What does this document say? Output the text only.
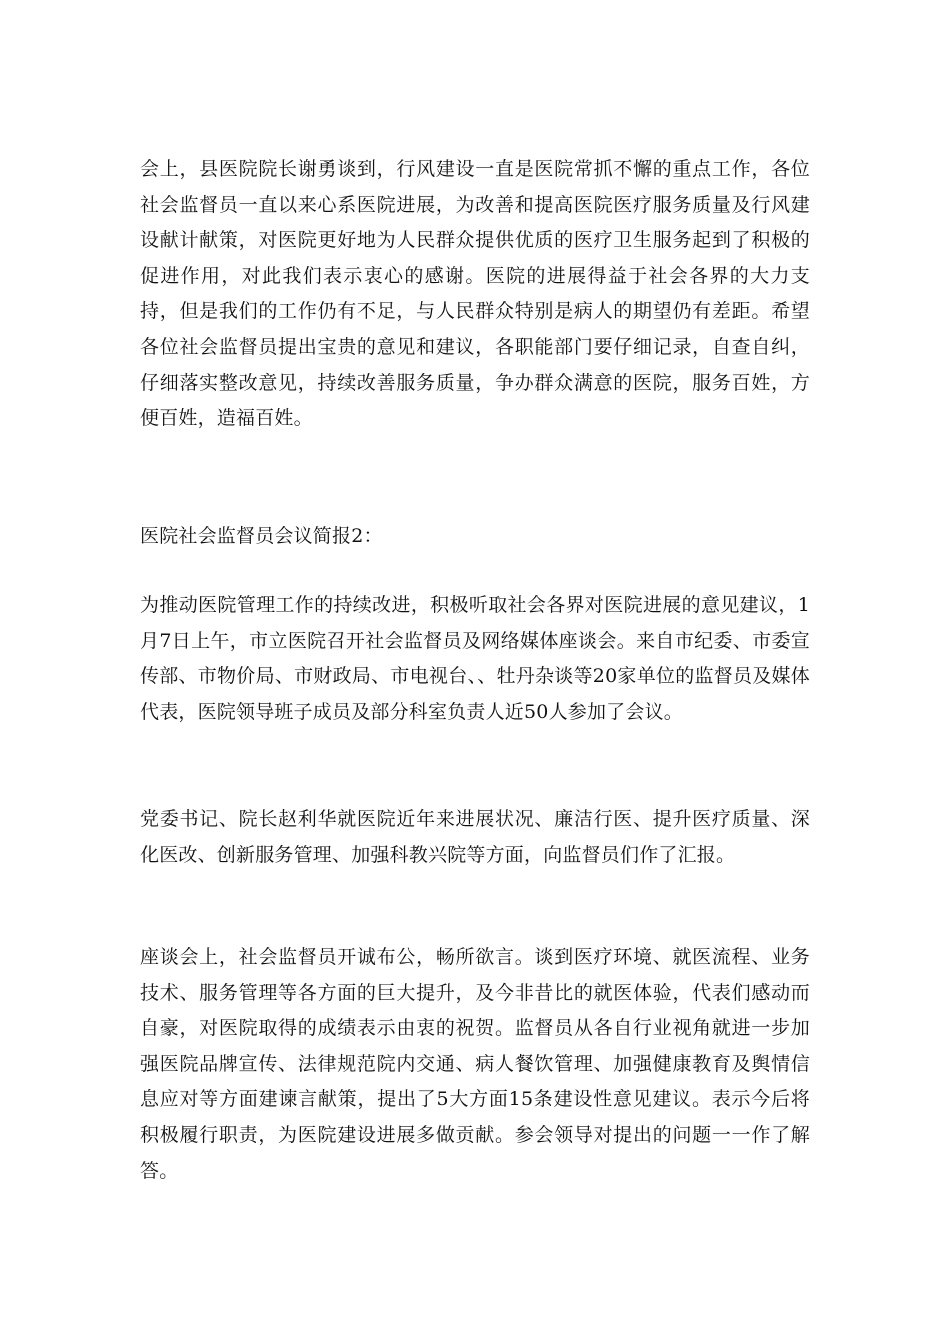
会上，县医院院长谢勇谈到，行风建设一直是医院常抓不懈的重点工作，各位社会监督员一直以来心系医院进展，为改善和提高医院医疗服务质量及行风建设献计献策，对医院更好地为人民群众提供优质的医疗卫生服务起到了积极的促进作用，对此我们表示衷心的感谢。医院的进展得益于社会各界的大力支持，但是我们的工作仍有不足，与人民群众特别是病人的期望仍有差距。希望各位社会监督员提出宝贵的意见和建议，各职能部门要仔细记录，自查自纠，仔细落实整改意见，持续改善服务质量，争办群众满意的医院，服务百姓，方便百姓，造福百姓。

医院社会监督员会议简报2：

为推动医院管理工作的持续改进，积极听取社会各界对医院进展的意见建议，1月7日上午，市立医院召开社会监督员及网络媒体座谈会。来自市纪委、市委宣传部、市物价局、市财政局、市电视台、、牡丹杂谈等20家单位的监督员及媒体代表，医院领导班子成员及部分科室负责人近50人参加了会议。

党委书记、院长赵利华就医院近年来进展状况、廉洁行医、提升医疗质量、深化医改、创新服务管理、加强科教兴院等方面，向监督员们作了汇报。

座谈会上，社会监督员开诚布公，畅所欲言。谈到医疗环境、就医流程、业务技术、服务管理等各方面的巨大提升，及今非昔比的就医体验，代表们感动而自豪，对医院取得的成绩表示由衷的祝贺。监督员从各自行业视角就进一步加强医院品牌宣传、法律规范院内交通、病人餐饮管理、加强健康教育及舆情信息应对等方面建谏言献策，提出了5大方面15条建设性意见建议。表示今后将积极履行职责，为医院建设进展多做贡献。参会领导对提出的问题一一作了解答。
